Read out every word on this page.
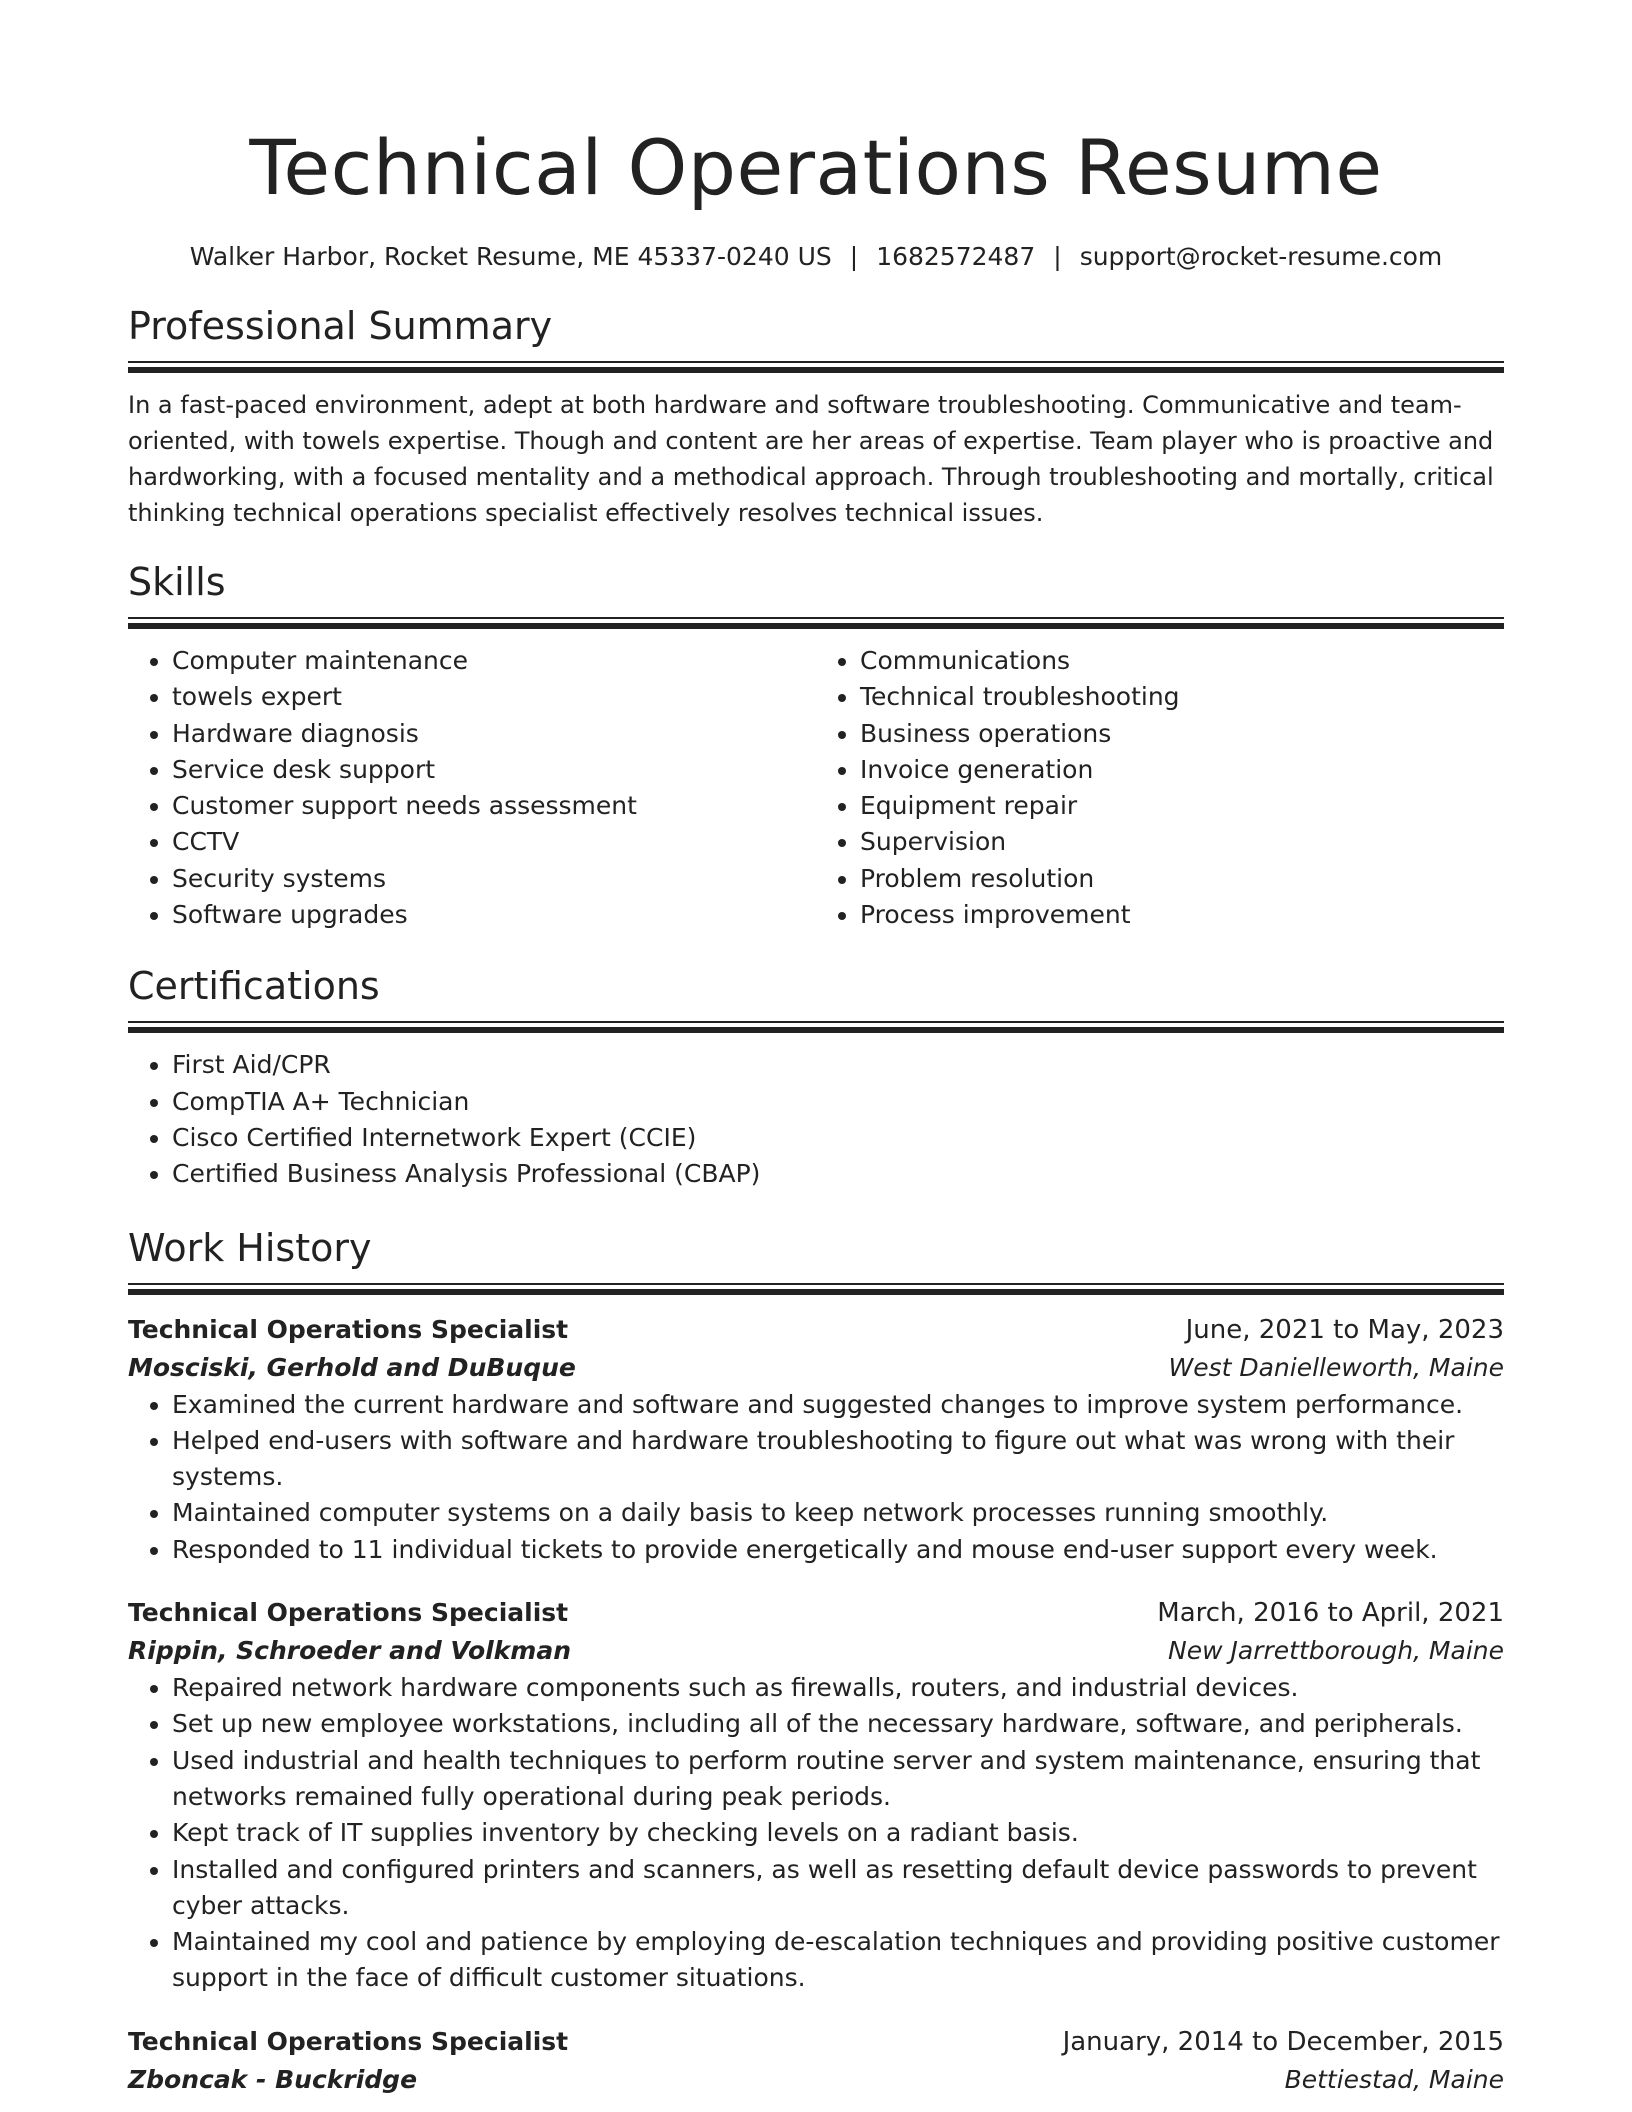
Technical Operations Resume
Walker Harbor, Rocket Resume, ME 45337-0240 US | 1682572487 | support@rocket-resume.com
Professional Summary

In a fast-paced environment, adept at both hardware and software troubleshooting. Communicative and team-oriented, with towels expertise. Though and content are her areas of expertise. Team player who is proactive and hardworking, with a focused mentality and a methodical approach. Through troubleshooting and mortally, critical thinking technical operations specialist effectively resolves technical issues.

Skills
• Computer maintenance
• towels expert
• Hardware diagnosis
• Service desk support
• Customer support needs assessment
• CCTV
• Security systems
• Software upgrades
• Communications
• Technical troubleshooting
• Business operations
• Invoice generation
• Equipment repair
• Supervision
• Problem resolution
• Process improvement
Certifications
• First Aid/CPR
• CompTIA A+ Technician
• Cisco Certified Internetwork Expert (CCIE)
• Certified Business Analysis Professional (CBAP)
Work History
Technical Operations Specialist	June, 2021 to May, 2023
Mosciski, Gerhold and DuBuque	West Danielleworth, Maine
• Examined the current hardware and software and suggested changes to improve system performance.
• Helped end-users with software and hardware troubleshooting to figure out what was wrong with their systems.
• Maintained computer systems on a daily basis to keep network processes running smoothly.
• Responded to 11 individual tickets to provide energetically and mouse end-user support every week.
Technical Operations Specialist	March, 2016 to April, 2021
Rippin, Schroeder and Volkman	New Jarrettborough, Maine
• Repaired network hardware components such as firewalls, routers, and industrial devices.
• Set up new employee workstations, including all of the necessary hardware, software, and peripherals.
• Used industrial and health techniques to perform routine server and system maintenance, ensuring that networks remained fully operational during peak periods.
• Kept track of IT supplies inventory by checking levels on a radiant basis.
• Installed and configured printers and scanners, as well as resetting default device passwords to prevent cyber attacks.
• Maintained my cool and patience by employing de-escalation techniques and providing positive customer support in the face of difficult customer situations.
Technical Operations Specialist	January, 2014 to December, 2015
Zboncak - Buckridge	Bettiestad, Maine
